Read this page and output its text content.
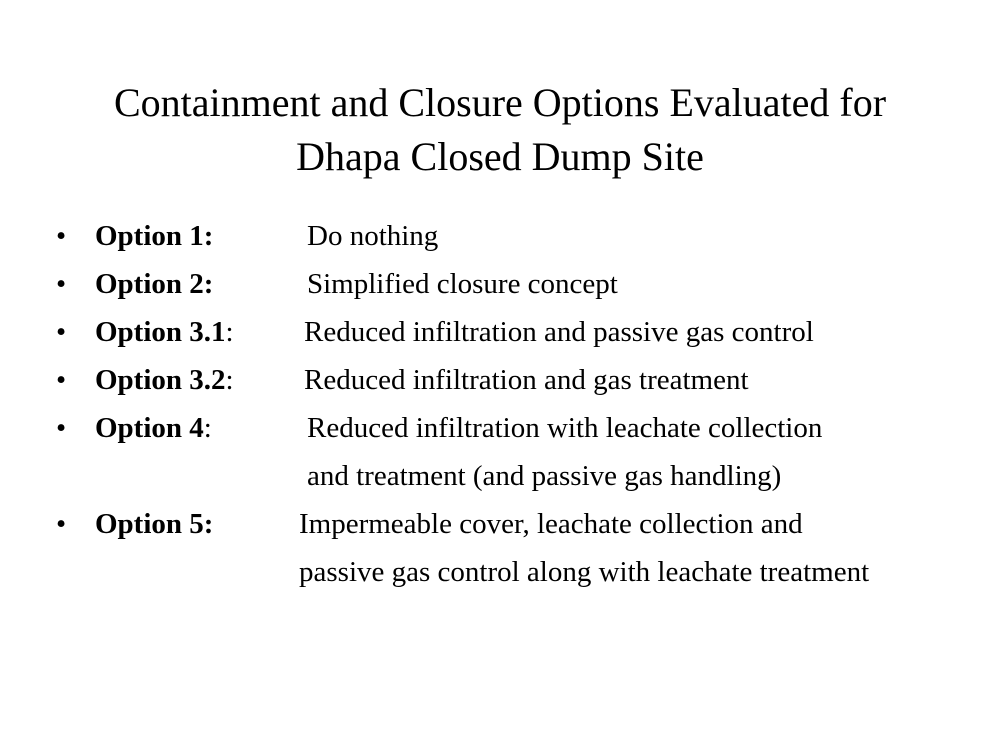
Containment and Closure Options Evaluated for
Dhapa Closed Dump Site
• Option 1:	Do nothing
• Option 2:	Simplified closure concept
• Option 3.1: Reduced infiltration and passive gas control
• Option 3.2: Reduced infiltration and gas treatment
• Option 4:	Reduced infiltration with leachate collection
and treatment (and passive gas handling)
• Option 5:	Impermeable cover, leachate collection and
passive gas control along with leachate treatment
